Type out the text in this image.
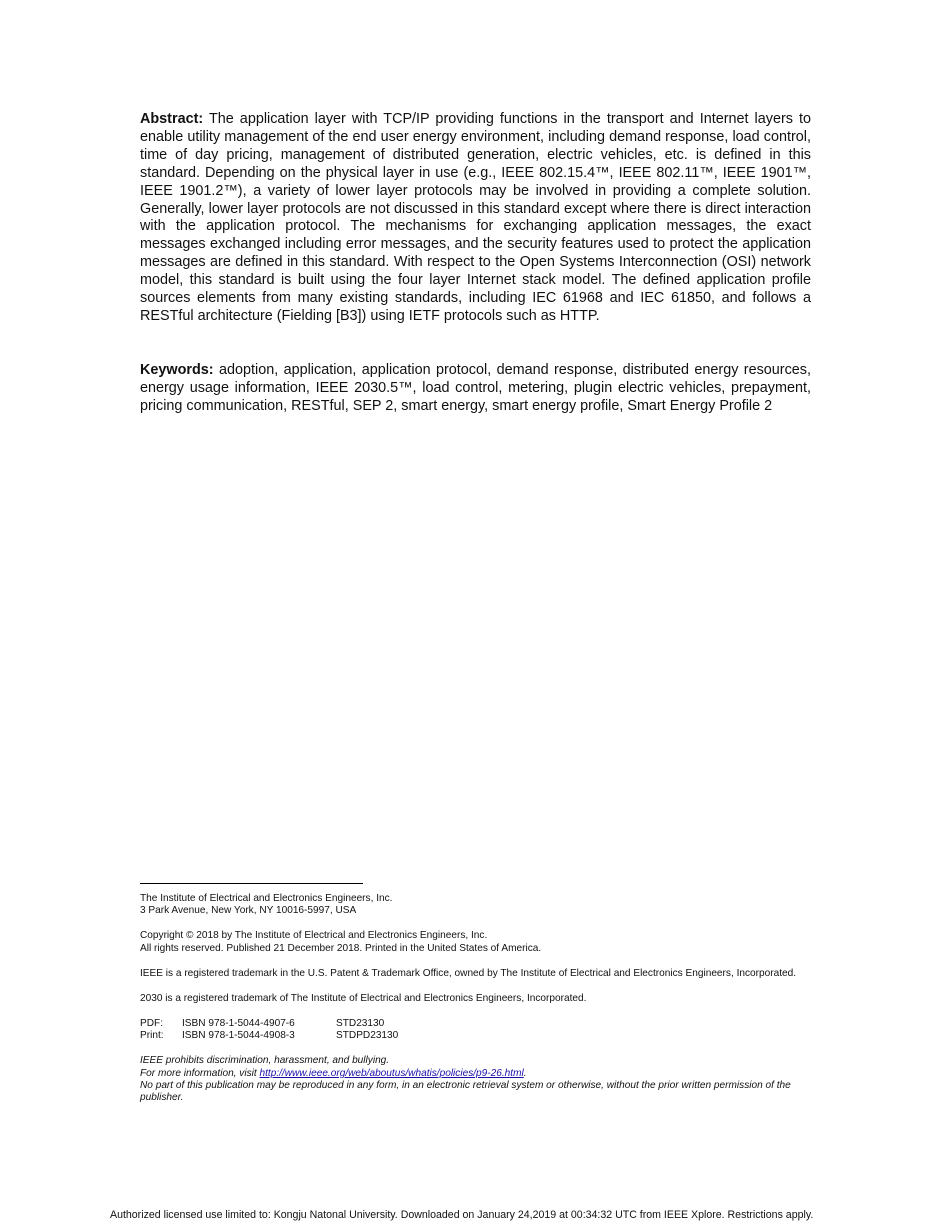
Abstract: The application layer with TCP/IP providing functions in the transport and Internet layers to enable utility management of the end user energy environment, including demand response, load control, time of day pricing, management of distributed generation, electric vehicles, etc. is defined in this standard. Depending on the physical layer in use (e.g., IEEE 802.15.4™, IEEE 802.11™, IEEE 1901™, IEEE 1901.2™), a variety of lower layer protocols may be involved in providing a complete solution. Generally, lower layer protocols are not discussed in this standard except where there is direct interaction with the application protocol. The mechanisms for exchanging application messages, the exact messages exchanged including error messages, and the security features used to protect the application messages are defined in this standard. With respect to the Open Systems Interconnection (OSI) network model, this standard is built using the four layer Internet stack model. The defined application profile sources elements from many existing standards, including IEC 61968 and IEC 61850, and follows a RESTful architecture (Fielding [B3]) using IETF protocols such as HTTP.

Keywords: adoption, application, application protocol, demand response, distributed energy resources, energy usage information, IEEE 2030.5™, load control, metering, plugin electric vehicles, prepayment, pricing communication, RESTful, SEP 2, smart energy, smart energy profile, Smart Energy Profile 2

The Institute of Electrical and Electronics Engineers, Inc.
3 Park Avenue, New York, NY 10016-5997, USA

Copyright © 2018 by The Institute of Electrical and Electronics Engineers, Inc.
All rights reserved. Published 21 December 2018. Printed in the United States of America.

IEEE is a registered trademark in the U.S. Patent & Trademark Office, owned by The Institute of Electrical and Electronics Engineers, Incorporated.

2030 is a registered trademark of The Institute of Electrical and Electronics Engineers, Incorporated.

PDF:	ISBN 978-1-5044-4907-6	STD23130
Print:	ISBN 978-1-5044-4908-3	STDPD23130

IEEE prohibits discrimination, harassment, and bullying.
For more information, visit http://www.ieee.org/web/aboutus/whatis/policies/p9-26.html.
No part of this publication may be reproduced in any form, in an electronic retrieval system or otherwise, without the prior written permission of the publisher.

Authorized licensed use limited to: Kongju Natonal University. Downloaded on January 24,2019 at 00:34:32 UTC from IEEE Xplore. Restrictions apply.
